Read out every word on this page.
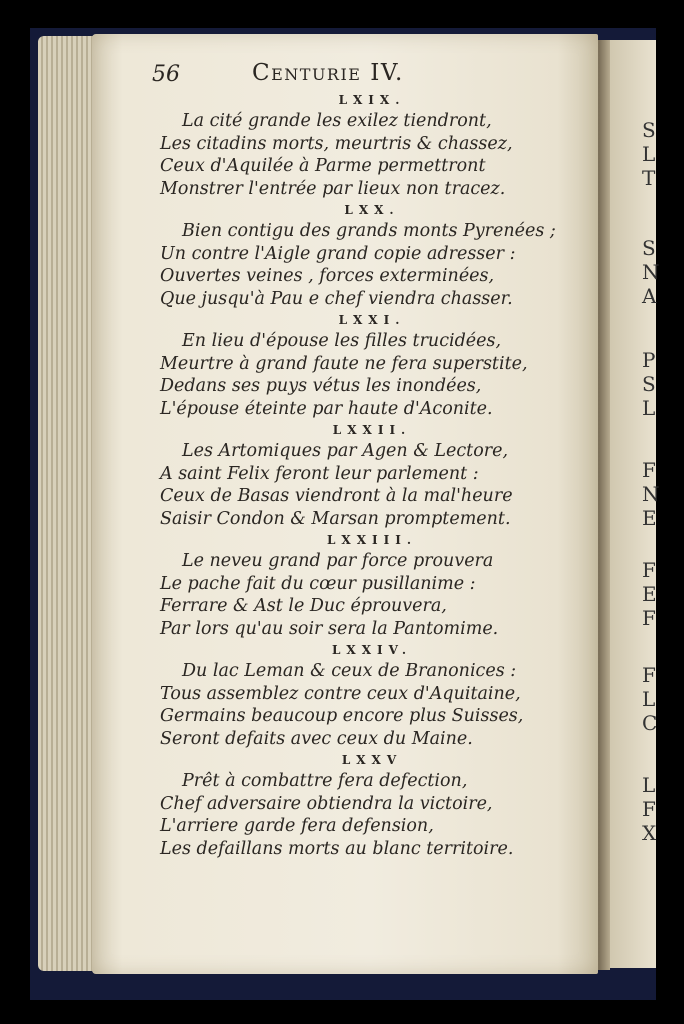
S
L
T
S
N
A
P
S
L
F
N
E
F
E
F
F
L
C
L
F
X
56	Centurie IV.
LXIX.
La cité grande les exilez tiendront,
Les citadins morts, meurtris & chassez,
Ceux d'Aquilée à Parme permettront
Monstrer l'entrée par lieux non tracez.
LXX.
Bien contigu des grands monts Pyrenées ;
Un contre l'Aigle grand copie adresser :
Ouvertes veines , forces exterminées,
Que jusqu'à Pau e chef viendra chasser.
LXXI.
En lieu d'épouse les filles trucidées,
Meurtre à grand faute ne fera superstite,
Dedans ses puys vétus les inondées,
L'épouse éteinte par haute d'Aconite.
LXXII.
Les Artomiques par Agen & Lectore,
A saint Felix feront leur parlement :
Ceux de Basas viendront à la mal'heure
Saisir Condon & Marsan promptement.
LXXIII.
Le neveu grand par force prouvera
Le pache fait du cœur pusillanime :
Ferrare & Ast le Duc éprouvera,
Par lors qu'au soir sera la Pantomime.
LXXIV.
Du lac Leman & ceux de Branonices :
Tous assemblez contre ceux d'Aquitaine,
Germains beaucoup encore plus Suisses,
Seront defaits avec ceux du Maine.
LXXV
Prêt à combattre fera defection,
Chef adversaire obtiendra la victoire,
L'arriere garde fera defension,
Les defaillans morts au blanc territoire.
